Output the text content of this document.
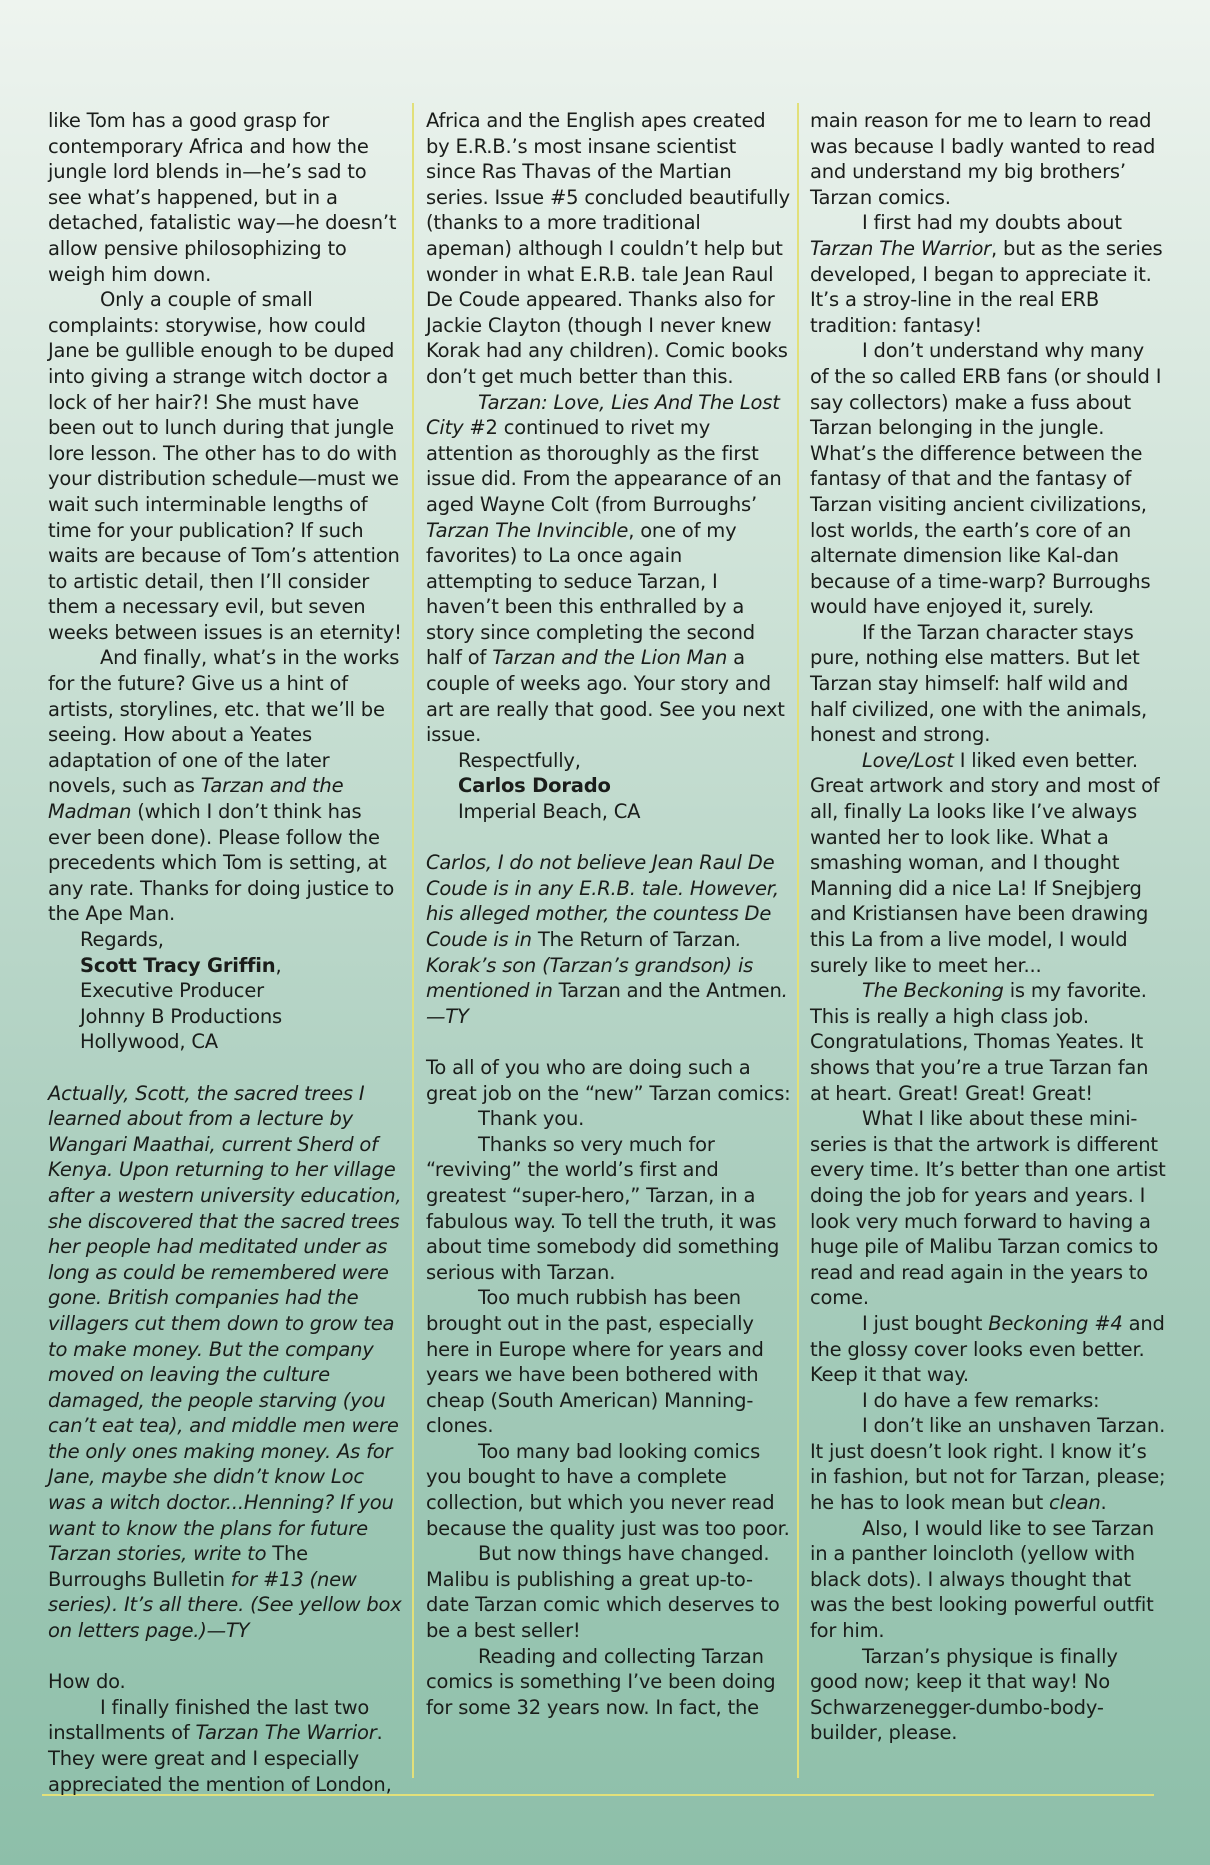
like Tom has a good grasp for contemporary Africa and how the jungle lord blends in—he’s sad to see what’s happened, but in a detached, fatalistic way—he doesn’t allow pensive philosophizing to weigh him down.

Only a couple of small complaints: storywise, how could Jane be gullible enough to be duped into giving a strange witch doctor a lock of her hair?! She must have been out to lunch during that jungle lore lesson. The other has to do with your distribution schedule—must we wait such interminable lengths of time for your publication? If such waits are because of Tom’s attention to artistic detail, then I’ll consider them a necessary evil, but seven weeks between issues is an eternity!

And finally, what’s in the works for the future? Give us a hint of artists, storylines, etc. that we’ll be seeing. How about a Yeates adaptation of one of the later novels, such as Tarzan and the Madman (which I don’t think has ever been done). Please follow the precedents which Tom is setting, at any rate. Thanks for doing justice to the Ape Man.

Regards,

Scott Tracy Griffin,

Executive Producer

Johnny B Productions

Hollywood, CA

Actually, Scott, the sacred trees I learned about from a lecture by Wangari Maathai, current Sherd of Kenya. Upon returning to her village after a western university education, she discovered that the sacred trees her people had meditated under as long as could be remembered were gone. British companies had the villagers cut them down to grow tea to make money. But the company moved on leaving the culture damaged, the people starving (you can’t eat tea), and middle men were the only ones making money. As for Jane, maybe she didn’t know Loc was a witch doctor...Henning? If you want to know the plans for future Tarzan stories, write to The Burroughs Bulletin for #13 (new series). It’s all there. (See yellow box on letters page.)—TY

How do.

I finally finished the last two installments of Tarzan The Warrior. They were great and I especially appreciated the mention of London,

Africa and the English apes created by E.R.B.’s most insane scientist since Ras Thavas of the Martian series. Issue #5 concluded beautifully (thanks to a more traditional apeman) although I couldn’t help but wonder in what E.R.B. tale Jean Raul De Coude appeared. Thanks also for Jackie Clayton (though I never knew Korak had any children). Comic books don’t get much better than this.

Tarzan: Love, Lies And The Lost City #2 continued to rivet my attention as thoroughly as the first issue did. From the appearance of an aged Wayne Colt (from Burroughs’ Tarzan The Invincible, one of my favorites) to La once again attempting to seduce Tarzan, I haven’t been this enthralled by a story since completing the second half of Tarzan and the Lion Man a couple of weeks ago. Your story and art are really that good. See you next issue.

Respectfully,

Carlos Dorado

Imperial Beach, CA

Carlos, I do not believe Jean Raul De Coude is in any E.R.B. tale. However, his alleged mother, the countess De Coude is in The Return of Tarzan. Korak’s son (Tarzan’s grandson) is mentioned in Tarzan and the Antmen.—TY

To all of you who are doing such a great job on the “new” Tarzan comics:

Thank you.

Thanks so very much for “reviving” the world’s first and greatest “super-hero,” Tarzan, in a fabulous way. To tell the truth, it was about time somebody did something serious with Tarzan.

Too much rubbish has been brought out in the past, especially here in Europe where for years and years we have been bothered with cheap (South American) Manning-clones.

Too many bad looking comics you bought to have a complete collection, but which you never read because the quality just was too poor.

But now things have changed. Malibu is publishing a great up-to-date Tarzan comic which deserves to be a best seller!

Reading and collecting Tarzan comics is something I’ve been doing for some 32 years now. In fact, the

main reason for me to learn to read was because I badly wanted to read and understand my big brothers’ Tarzan comics.

I first had my doubts about Tarzan The Warrior, but as the series developed, I began to appreciate it. It’s a stroy-line in the real ERB tradition: fantasy!

I don’t understand why many of the so called ERB fans (or should I say collectors) make a fuss about Tarzan belonging in the jungle. What’s the difference between the fantasy of that and the fantasy of Tarzan visiting ancient civilizations, lost worlds, the earth’s core of an alternate dimension like Kal-dan because of a time-warp? Burroughs would have enjoyed it, surely.

If the Tarzan character stays pure, nothing else matters. But let Tarzan stay himself: half wild and half civilized, one with the animals, honest and strong.

Love/Lost I liked even better. Great artwork and story and most of all, finally La looks like I’ve always wanted her to look like. What a smashing woman, and I thought Manning did a nice La! If Snejbjerg and Kristiansen have been drawing this La from a live model, I would surely like to meet her...

The Beckoning is my favorite. This is really a high class job. Congratulations, Thomas Yeates. It shows that you’re a true Tarzan fan at heart. Great! Great! Great!

What I like about these mini-series is that the artwork is different every time. It’s better than one artist doing the job for years and years. I look very much forward to having a huge pile of Malibu Tarzan comics to read and read again in the years to come.

I just bought Beckoning #4 and the glossy cover looks even better. Keep it that way.

I do have a few remarks:

I don’t like an unshaven Tarzan. It just doesn’t look right. I know it’s in fashion, but not for Tarzan, please; he has to look mean but clean.

Also, I would like to see Tarzan in a panther loincloth (yellow with black dots). I always thought that was the best looking powerful outfit for him.

Tarzan’s physique is finally good now; keep it that way! No Schwarzenegger-dumbo-body-builder, please.
